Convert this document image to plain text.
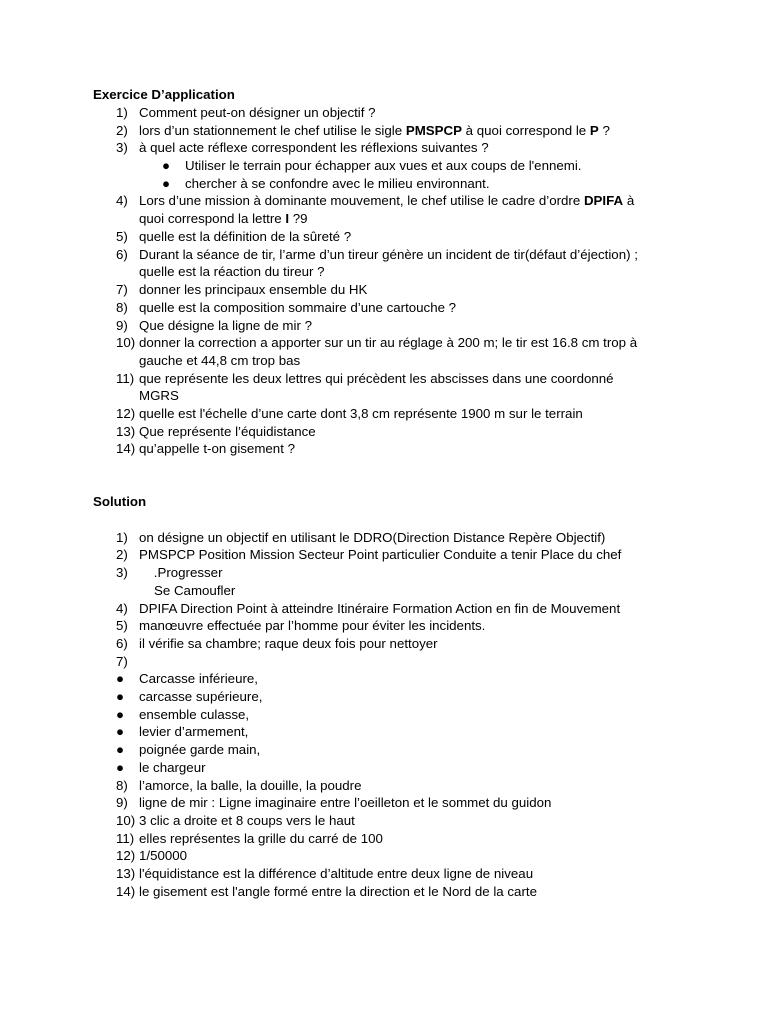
Exercice D’application
1) Comment peut-on désigner un objectif ?
2) lors d’un stationnement le chef utilise le sigle PMSPCP à quoi correspond le P ?
3) à quel acte réflexe correspondent les réflexions suivantes ?
● Utiliser le terrain pour échapper aux vues et aux coups de l'ennemi.
● chercher à se confondre avec le milieu environnant.
4) Lors d’une mission à dominante mouvement, le chef utilise le cadre d’ordre DPIFA à
quoi correspond la lettre I ?9
5) quelle est la définition de la sûreté ?
6) Durant la séance de tir, l’arme d’un tireur génère un incident de tir(défaut d’éjection) ;
quelle est la réaction du tireur ?
7) donner les principaux ensemble du HK
8) quelle est la composition sommaire d’une cartouche ?
9) Que désigne la ligne de mir ?
10) donner la correction a apporter sur un tir au réglage à 200 m; le tir est 16.8 cm trop à
gauche et 44,8 cm trop bas
11) que représente les deux lettres qui précèdent les abscisses dans une coordonné
MGRS
12) quelle est l'échelle d’une carte dont 3,8 cm représente 1900 m sur le terrain
13) Que représente l’équidistance
14) qu’appelle t-on gisement ?
Solution
1) on désigne un objectif en utilisant le DDRO(Direction Distance Repère Objectif)
2) PMSPCP Position Mission Secteur Point particulier Conduite a tenir Place du chef
3) .Progresser
Se Camoufler
4) DPIFA Direction Point à atteindre Itinéraire Formation Action en fin de Mouvement
5) manœuvre effectuée par l’homme pour éviter les incidents.
6) il vérifie sa chambre; raque deux fois pour nettoyer
7)
● Carcasse inférieure,
● carcasse supérieure,
● ensemble culasse,
● levier d’armement,
● poignée garde main,
● le chargeur
8) l’amorce, la balle, la douille, la poudre
9) ligne de mir : Ligne imaginaire entre l’oeilleton et le sommet du guidon
10) 3 clic a droite et 8 coups vers le haut
11) elles représentes la grille du carré de 100
12) 1/50000
13) l'équidistance est la différence d’altitude entre deux ligne de niveau
14) le gisement est l'angle formé entre la direction et le Nord de la carte
